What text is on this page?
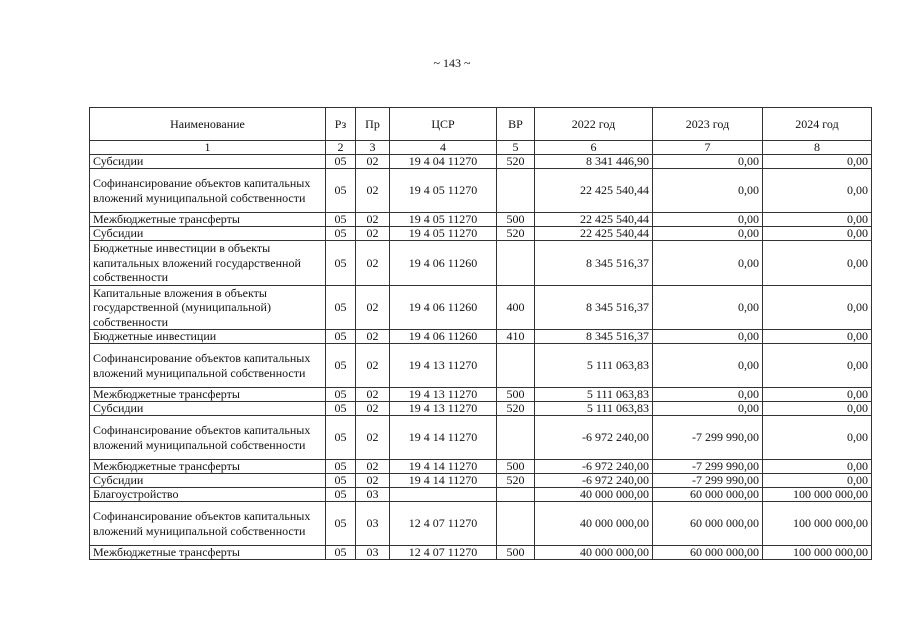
~ 143 ~
Наименование	Рз	Пр	ЦСР	ВР	2022 год	2023 год	2024 год
1	2	3	4	5	6	7	8
Субсидии	05	02	19 4 04 11270	520	8 341 446,90	0,00	0,00
Софинансирование объектов капитальных вложений муниципальной собственности	05	02	19 4 05 11270		22 425 540,44	0,00	0,00
Межбюджетные трансферты	05	02	19 4 05 11270	500	22 425 540,44	0,00	0,00
Субсидии	05	02	19 4 05 11270	520	22 425 540,44	0,00	0,00
Бюджетные инвестиции в объекты капитальных вложений государственной собственности	05	02	19 4 06 11260		8 345 516,37	0,00	0,00
Капитальные вложения в объекты государственной (муниципальной) собственности	05	02	19 4 06 11260	400	8 345 516,37	0,00	0,00
Бюджетные инвестиции	05	02	19 4 06 11260	410	8 345 516,37	0,00	0,00
Софинансирование объектов капитальных вложений муниципальной собственности	05	02	19 4 13 11270		5 111 063,83	0,00	0,00
Межбюджетные трансферты	05	02	19 4 13 11270	500	5 111 063,83	0,00	0,00
Субсидии	05	02	19 4 13 11270	520	5 111 063,83	0,00	0,00
Софинансирование объектов капитальных вложений муниципальной собственности	05	02	19 4 14 11270		-6 972 240,00	-7 299 990,00	0,00
Межбюджетные трансферты	05	02	19 4 14 11270	500	-6 972 240,00	-7 299 990,00	0,00
Субсидии	05	02	19 4 14 11270	520	-6 972 240,00	-7 299 990,00	0,00
Благоустройство	05	03			40 000 000,00	60 000 000,00	100 000 000,00
Софинансирование объектов капитальных вложений муниципальной собственности	05	03	12 4 07 11270		40 000 000,00	60 000 000,00	100 000 000,00
Межбюджетные трансферты	05	03	12 4 07 11270	500	40 000 000,00	60 000 000,00	100 000 000,00
